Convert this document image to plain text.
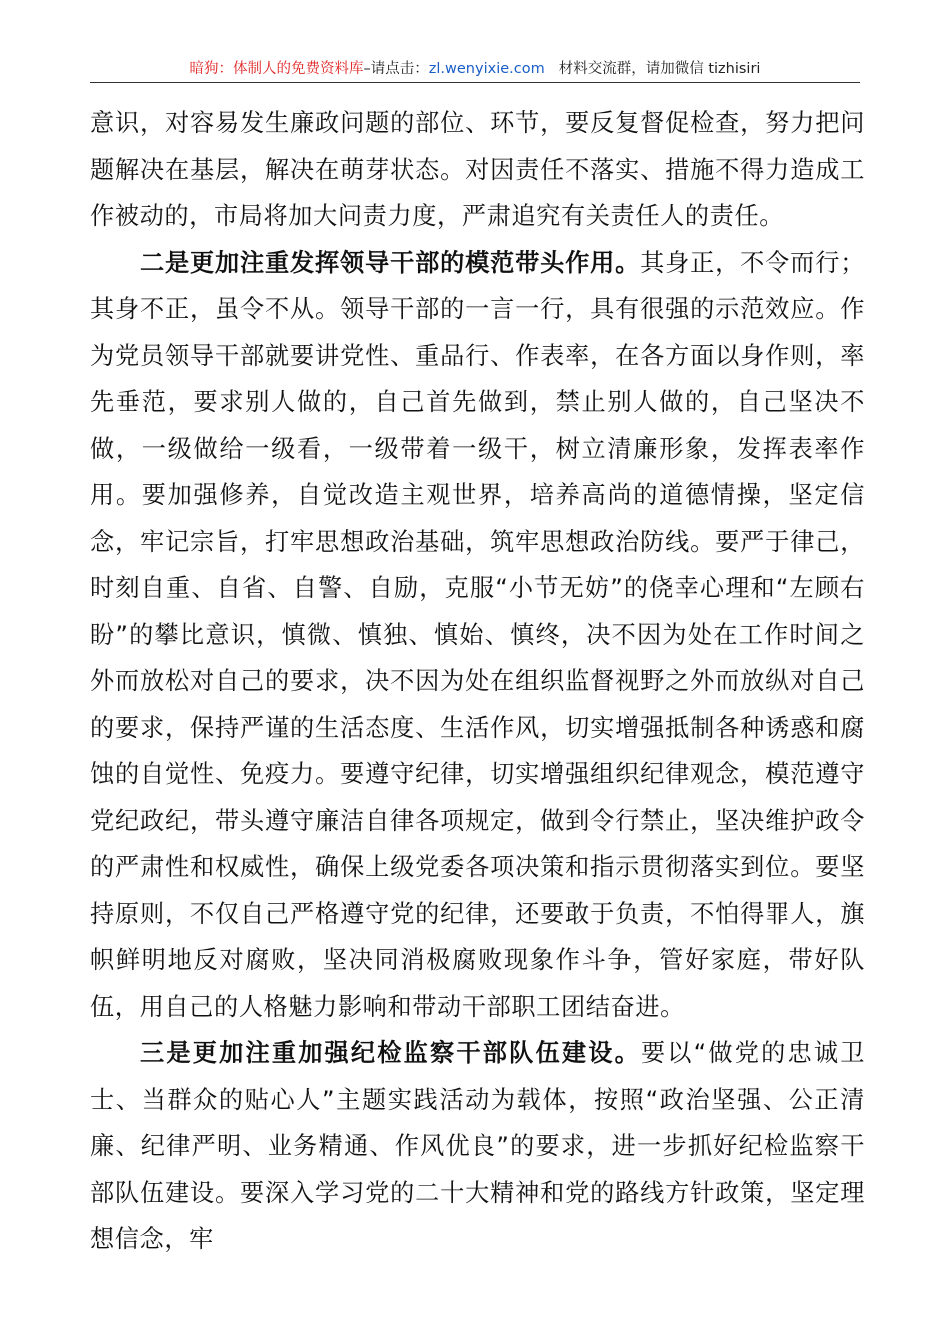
暗狗：体制人的免费资料库–请点击：zl.wenyixie.com 材料交流群，请加微信 tizhisiri

意识，对容易发生廉政问题的部位、环节，要反复督促检查，努力把问题解决在基层，解决在萌芽状态。对因责任不落实、措施不得力造成工作被动的，市局将加大问责力度，严肃追究有关责任人的责任。

二是更加注重发挥领导干部的模范带头作用。其身正，不令而行；其身不正，虽令不从。领导干部的一言一行，具有很强的示范效应。作为党员领导干部就要讲党性、重品行、作表率，在各方面以身作则，率先垂范，要求别人做的，自己首先做到，禁止别人做的，自己坚决不做，一级做给一级看，一级带着一级干，树立清廉形象，发挥表率作用。要加强修养，自觉改造主观世界，培养高尚的道德情操，坚定信念，牢记宗旨，打牢思想政治基础，筑牢思想政治防线。要严于律己，时刻自重、自省、自警、自励，克服“小节无妨”的侥幸心理和“左顾右盼”的攀比意识，慎微、慎独、慎始、慎终，决不因为处在工作时间之外而放松对自己的要求，决不因为处在组织监督视野之外而放纵对自己的要求，保持严谨的生活态度、生活作风，切实增强抵制各种诱惑和腐蚀的自觉性、免疫力。要遵守纪律，切实增强组织纪律观念，模范遵守党纪政纪，带头遵守廉洁自律各项规定，做到令行禁止，坚决维护政令的严肃性和权威性，确保上级党委各项决策和指示贯彻落实到位。要坚持原则，不仅自己严格遵守党的纪律，还要敢于负责，不怕得罪人，旗帜鲜明地反对腐败，坚决同消极腐败现象作斗争，管好家庭，带好队伍，用自己的人格魅力影响和带动干部职工团结奋进。

三是更加注重加强纪检监察干部队伍建设。要以“做党的忠诚卫士、当群众的贴心人”主题实践活动为载体，按照“政治坚强、公正清廉、纪律严明、业务精通、作风优良”的要求，进一步抓好纪检监察干部队伍建设。要深入学习党的二十大精神和党的路线方针政策，坚定理想信念，牢
